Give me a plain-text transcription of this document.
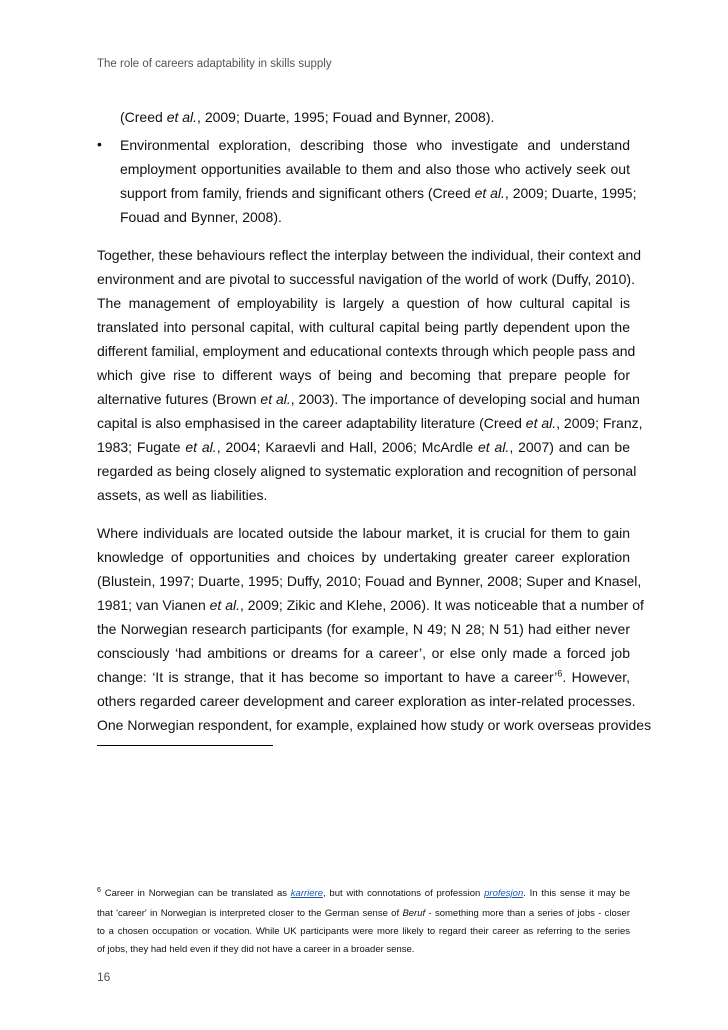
The role of careers adaptability in skills supply
(Creed et al., 2009; Duarte, 1995; Fouad and Bynner, 2008).
• Environmental exploration, describing those who investigate and understand
employment opportunities available to them and also those who actively seek out
support from family, friends and significant others (Creed et al., 2009; Duarte, 1995;
Fouad and Bynner, 2008).
Together, these behaviours reflect the interplay between the individual, their context and
environment and are pivotal to successful navigation of the world of work (Duffy, 2010).
The management of employability is largely a question of how cultural capital is
translated into personal capital, with cultural capital being partly dependent upon the
different familial, employment and educational contexts through which people pass and
which give rise to different ways of being and becoming that prepare people for
alternative futures (Brown et al., 2003). The importance of developing social and human
capital is also emphasised in the career adaptability literature (Creed et al., 2009; Franz,
1983; Fugate et al., 2004; Karaevli and Hall, 2006; McArdle et al., 2007) and can be
regarded as being closely aligned to systematic exploration and recognition of personal
assets, as well as liabilities.
Where individuals are located outside the labour market, it is crucial for them to gain
knowledge of opportunities and choices by undertaking greater career exploration
(Blustein, 1997; Duarte, 1995; Duffy, 2010; Fouad and Bynner, 2008; Super and Knasel,
1981; van Vianen et al., 2009; Zikic and Klehe, 2006). It was noticeable that a number of
the Norwegian research participants (for example, N 49; N 28; N 51) had either never
consciously ‘had ambitions or dreams for a career’, or else only made a forced job
change: ‘It is strange, that it has become so important to have a career’$^6$. However,
others regarded career development and career exploration as inter-related processes.
One Norwegian respondent, for example, explained how study or work overseas provides
$^6$ Career in Norwegian can be translated as karriere, but with connotations of profession profesjon. In this sense it may be
that 'career' in Norwegian is interpreted closer to the German sense of Beruf - something more than a series of jobs - closer
to a chosen occupation or vocation. While UK participants were more likely to regard their career as referring to the series
of jobs, they had held even if they did not have a career in a broader sense.
16
